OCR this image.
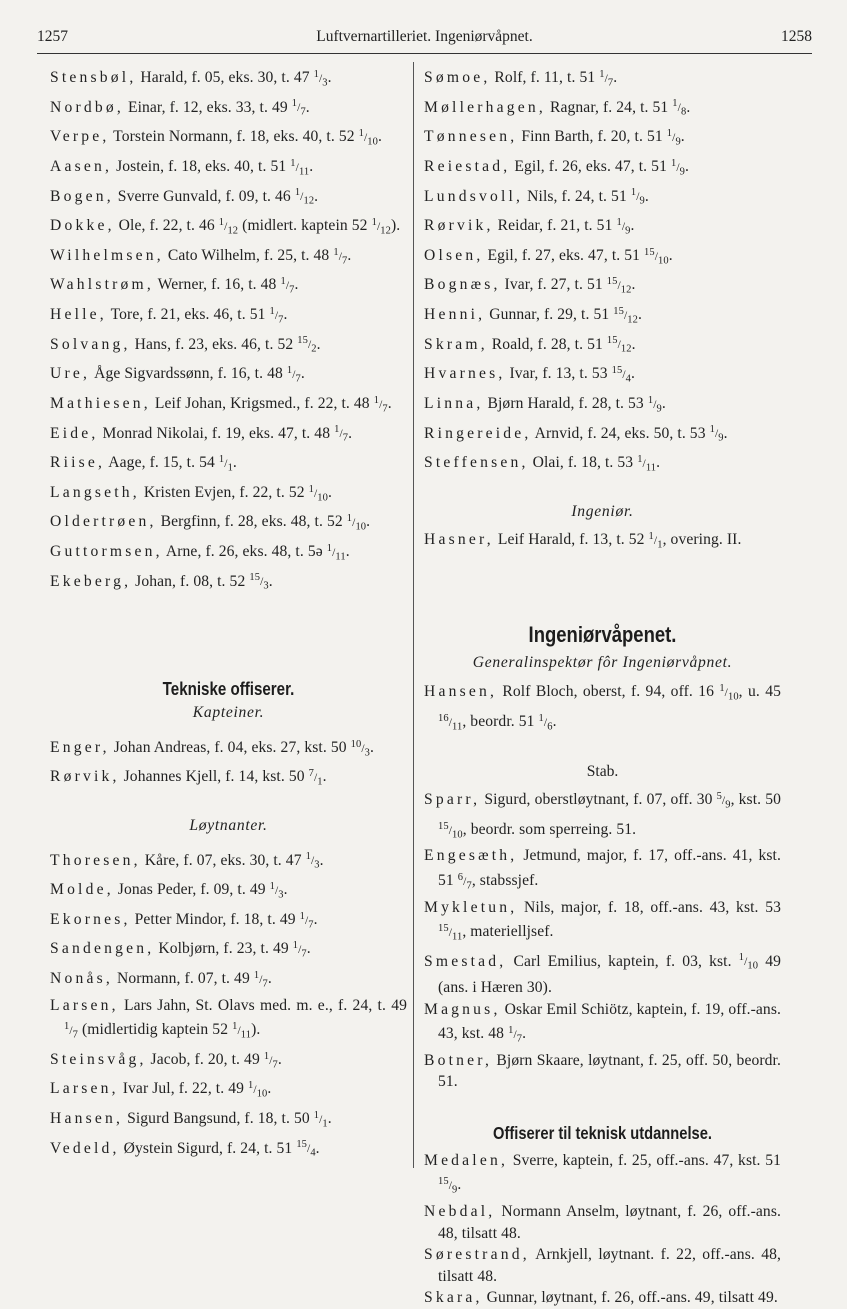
1257	Luftvernartilleriet. Ingeniørvåpnet.	1258
Stensbøl, Harald, f. 05, eks. 30, t. 47 $^1/_3$.
Nordbø, Einar, f. 12, eks. 33, t. 49 $^1/_7$.
Verpe, Torstein Normann, f. 18, eks. 40, t. 52 $^1/_{10}$.
Aasen, Jostein, f. 18, eks. 40, t. 51 $^1/_{11}$.
Bogen, Sverre Gunvald, f. 09, t. 46 $^1/_{12}$.
Dokke, Ole, f. 22, t. 46 $^1/_{12}$ (midlert. kaptein 52 $^1/_{12}$).
Wilhelmsen, Cato Wilhelm, f. 25, t. 48 $^1/_7$.
Wahlstrøm, Werner, f. 16, t. 48 $^1/_7$.
Helle, Tore, f. 21, eks. 46, t. 51 $^1/_7$.
Solvang, Hans, f. 23, eks. 46, t. 52 $^{15}/_2$.
Ure, Åge Sigvardssønn, f. 16, t. 48 $^1/_7$.
Mathiesen, Leif Johan, Krigsmed., f. 22, t. 48 $^1/_7$.
Eide, Monrad Nikolai, f. 19, eks. 47, t. 48 $^1/_7$.
Riise, Aage, f. 15, t. 54 $^1/_1$.
Langseth, Kristen Evjen, f. 22, t. 52 $^1/_{10}$.
Oldertrøen, Bergfinn, f. 28, eks. 48, t. 52 $^1/_{10}$.
Guttormsen, Arne, f. 26, eks. 48, t. 5ə $^1/_{11}$.
Ekeberg, Johan, f. 08, t. 52 $^{15}/_3$.
Tekniske offiserer.
Kapteiner.
Enger, Johan Andreas, f. 04, eks. 27, kst. 50 $^{10}/_3$.
Rørvik, Johannes Kjell, f. 14, kst. 50 $^7/_1$.
Løytnanter.
Thoresen, Kåre, f. 07, eks. 30, t. 47 $^1/_3$.
Molde, Jonas Peder, f. 09, t. 49 $^1/_3$.
Ekornes, Petter Mindor, f. 18, t. 49 $^1/_7$.
Sandengen, Kolbjørn, f. 23, t. 49 $^1/_7$.
Nonås, Normann, f. 07, t. 49 $^1/_7$.
Larsen, Lars Jahn, St. Olavs med. m. e., f. 24, t. 49 $^1/_7$ (midlertidig kaptein 52 $^1/_{11}$).
Steinsvåg, Jacob, f. 20, t. 49 $^1/_7$.
Larsen, Ivar Jul, f. 22, t. 49 $^1/_{10}$.
Hansen, Sigurd Bangsund, f. 18, t. 50 $^1/_1$.
Vedeld, Øystein Sigurd, f. 24, t. 51 $^{15}/_4$.
Sømoe, Rolf, f. 11, t. 51 $^1/_7$.
Møllerhagen, Ragnar, f. 24, t. 51 $^1/_8$.
Tønnesen, Finn Barth, f. 20, t. 51 $^1/_9$.
Reiestad, Egil, f. 26, eks. 47, t. 51 $^1/_9$.
Lundsvoll, Nils, f. 24, t. 51 $^1/_9$.
Rørvik, Reidar, f. 21, t. 51 $^1/_9$.
Olsen, Egil, f. 27, eks. 47, t. 51 $^{15}/_{10}$.
Bognæs, Ivar, f. 27, t. 51 $^{15}/_{12}$.
Henni, Gunnar, f. 29, t. 51 $^{15}/_{12}$.
Skram, Roald, f. 28, t. 51 $^{15}/_{12}$.
Hvarnes, Ivar, f. 13, t. 53 $^{15}/_4$.
Linna, Bjørn Harald, f. 28, t. 53 $^1/_9$.
Ringereide, Arnvid, f. 24, eks. 50, t. 53 $^1/_9$.
Steffensen, Olai, f. 18, t. 53 $^1/_{11}$.
Ingeniør.
Hasner, Leif Harald, f. 13, t. 52 $^1/_1$, overing. II.
Ingeniørvåpenet.
Generalinspektør fôr Ingeniørvåpnet.
Hansen, Rolf Bloch, oberst, f. 94, off. 16 $^1/_{10}$, u. 45 $^{16}/_{11}$, beordr. 51 $^1/_6$.
Stab.
Sparr, Sigurd, oberstløytnant, f. 07, off. 30 $^5/_9$, kst. 50 $^{15}/_{10}$, beordr. som sperreing. 51.
Engesæth, Jetmund, major, f. 17, off.-ans. 41, kst. 51 $^6/_7$, stabssjef.
Mykletun, Nils, major, f. 18, off.-ans. 43, kst. 53 $^{15}/_{11}$, materielljsef.
Smestad, Carl Emilius, kaptein, f. 03, kst. $^1/_{10}$ 49 (ans. i Hæren 30).
Magnus, Oskar Emil Schiötz, kaptein, f. 19, off.-ans. 43, kst. 48 $^1/_7$.
Botner, Bjørn Skaare, løytnant, f. 25, off. 50, beordr. 51.
Offiserer til teknisk utdannelse.
Medalen, Sverre, kaptein, f. 25, off.-ans. 47, kst. 51 $^{15}/_9$.
Nebdal, Normann Anselm, løytnant, f. 26, off.-ans. 48, tilsatt 48.
Sørestrand, Arnkjell, løytnant. f. 22, off.-ans. 48, tilsatt 48.
Skara, Gunnar, løytnant, f. 26, off.-ans. 49, tilsatt 49.
